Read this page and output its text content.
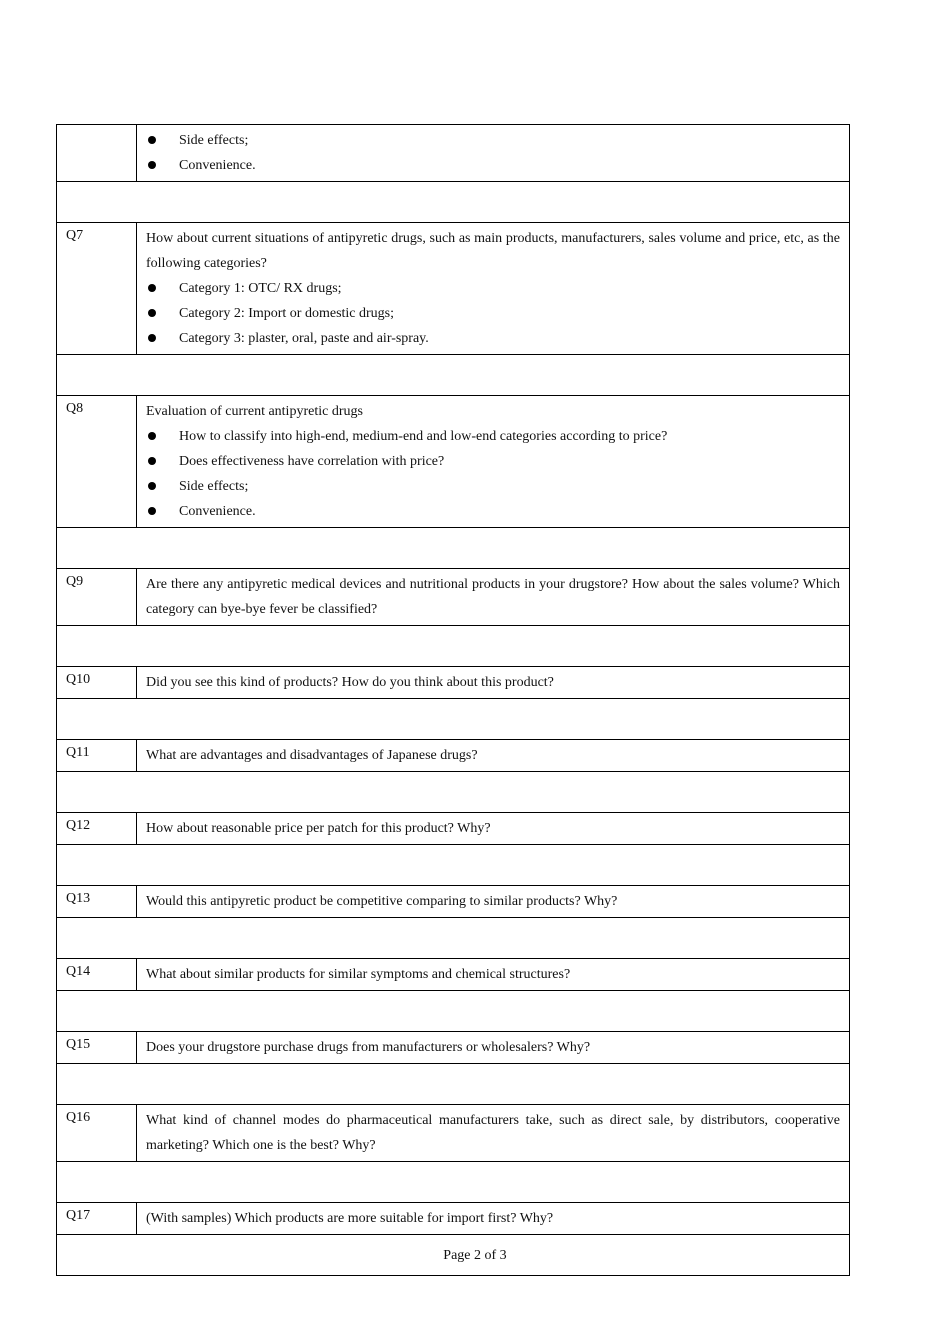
	Side effects;
Convenience.

Q7	How about current situations of antipyretic drugs, such as main products, manufacturers, sales volume and price, etc, as the following categories?
Category 1: OTC/ RX drugs;
Category 2: Import or domestic drugs;
Category 3: plaster, oral, paste and air-spray.

Q8	Evaluation of current antipyretic drugs
How to classify into high-end, medium-end and low-end categories according to price?
Does effectiveness have correlation with price?
Side effects;
Convenience.

Q9	Are there any antipyretic medical devices and nutritional products in your drugstore? How about the sales volume? Which category can bye-bye fever be classified?

Q10	Did you see this kind of products? How do you think about this product?

Q11	What are advantages and disadvantages of Japanese drugs?

Q12	How about reasonable price per patch for this product? Why?

Q13	Would this antipyretic product be competitive comparing to similar products? Why?

Q14	What about similar products for similar symptoms and chemical structures?

Q15	Does your drugstore purchase drugs from manufacturers or wholesalers? Why?

Q16	What kind of channel modes do pharmaceutical manufacturers take, such as direct sale, by distributors, cooperative marketing? Which one is the best? Why?

Q17	(With samples) Which products are more suitable for import first? Why?

Page 2 of 3
